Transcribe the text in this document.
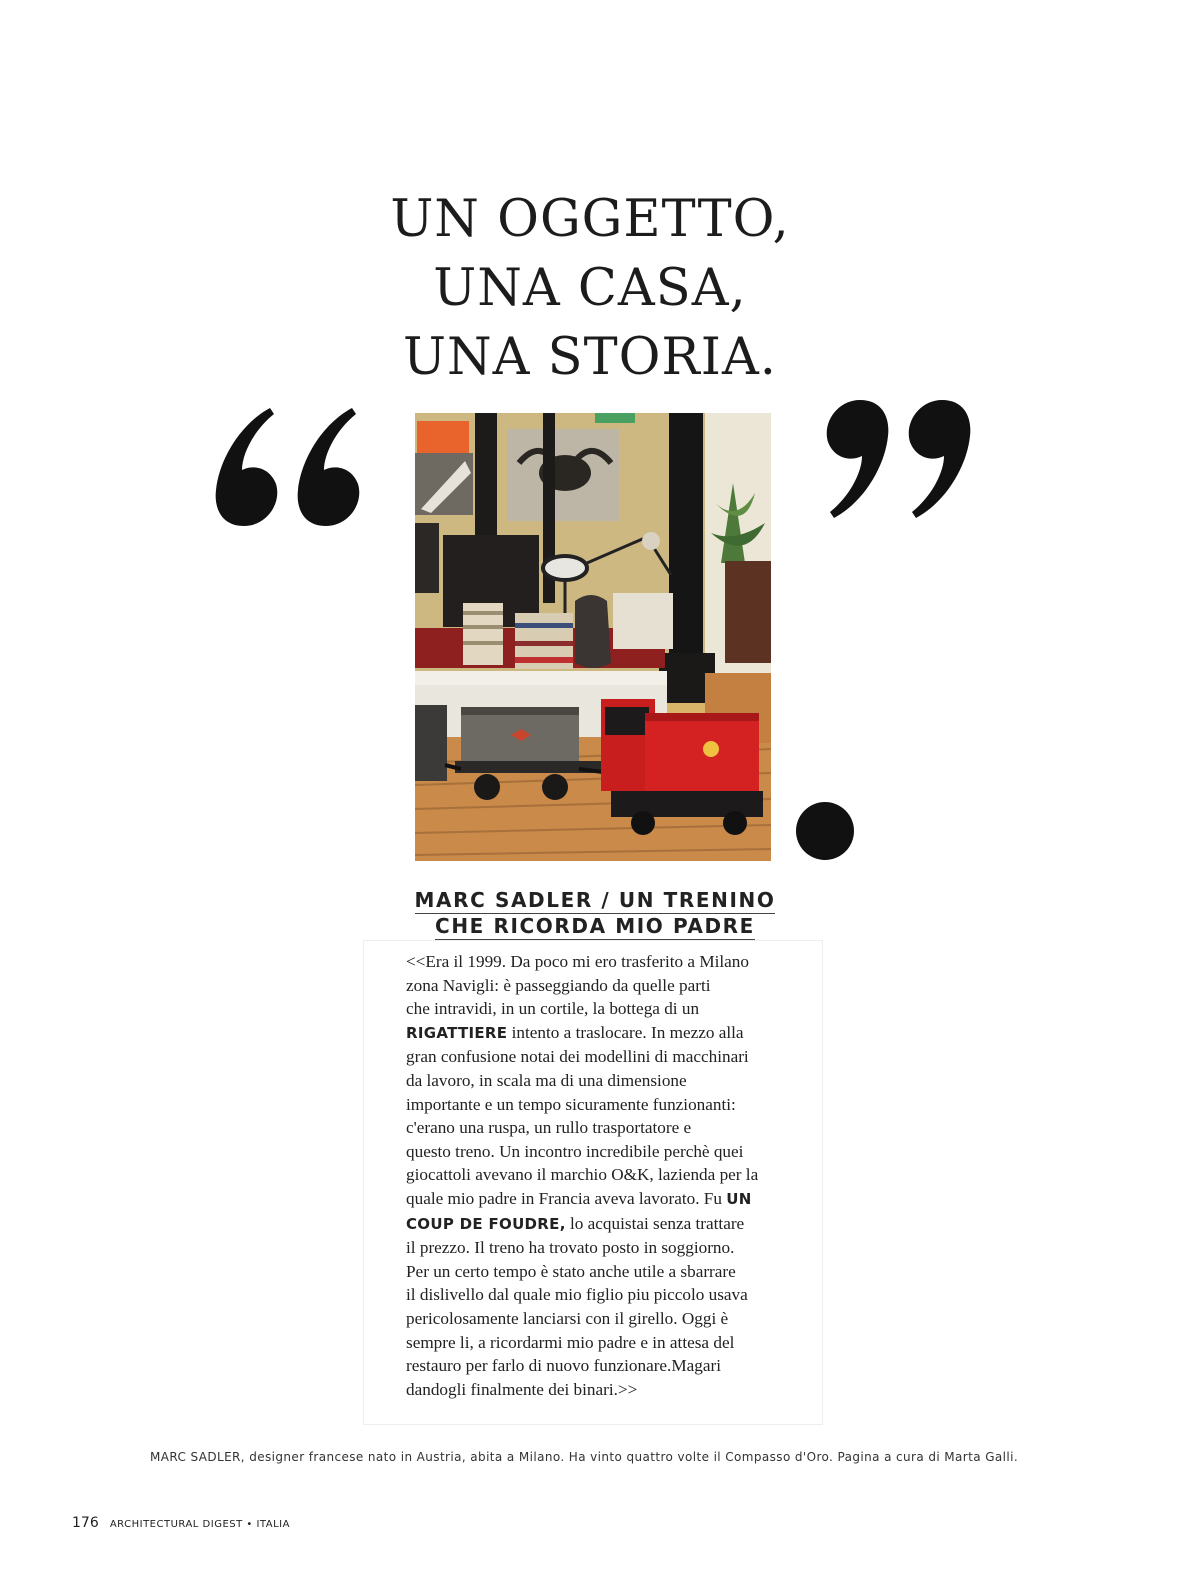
UN OGGETTO,
UNA CASA,
UNA STORIA.
MARC SADLER / UN TRENINO
CHE RICORDA MIO PADRE
<<Era il 1999. Da poco mi ero trasferito a Milano
zona Navigli: è passeggiando da quelle parti
che intravidi, in un cortile, la bottega di un
RIGATTIERE intento a traslocare. In mezzo alla
gran confusione notai dei modellini di macchinari
da lavoro, in scala ma di una dimensione
importante e un tempo sicuramente funzionanti:
c'erano una ruspa, un rullo trasportatore e
questo treno. Un incontro incredibile perchè quei
giocattoli avevano il marchio O&K, lazienda per la
quale mio padre in Francia aveva lavorato. Fu UN
COUP DE FOUDRE, lo acquistai senza trattare
il prezzo. Il treno ha trovato posto in soggiorno.
Per un certo tempo è stato anche utile a sbarrare
il dislivello dal quale mio figlio piu piccolo usava
pericolosamente lanciarsi con il girello. Oggi è
sempre li, a ricordarmi mio padre e in attesa del
restauro per farlo di nuovo funzionare.Magari
dandogli finalmente dei binari.>>
MARC SADLER, designer francese nato in Austria, abita a Milano. Ha vinto quattro volte il Compasso d'Oro. Pagina a cura di Marta Galli.
176 ARCHITECTURAL DIGEST • ITALIA
